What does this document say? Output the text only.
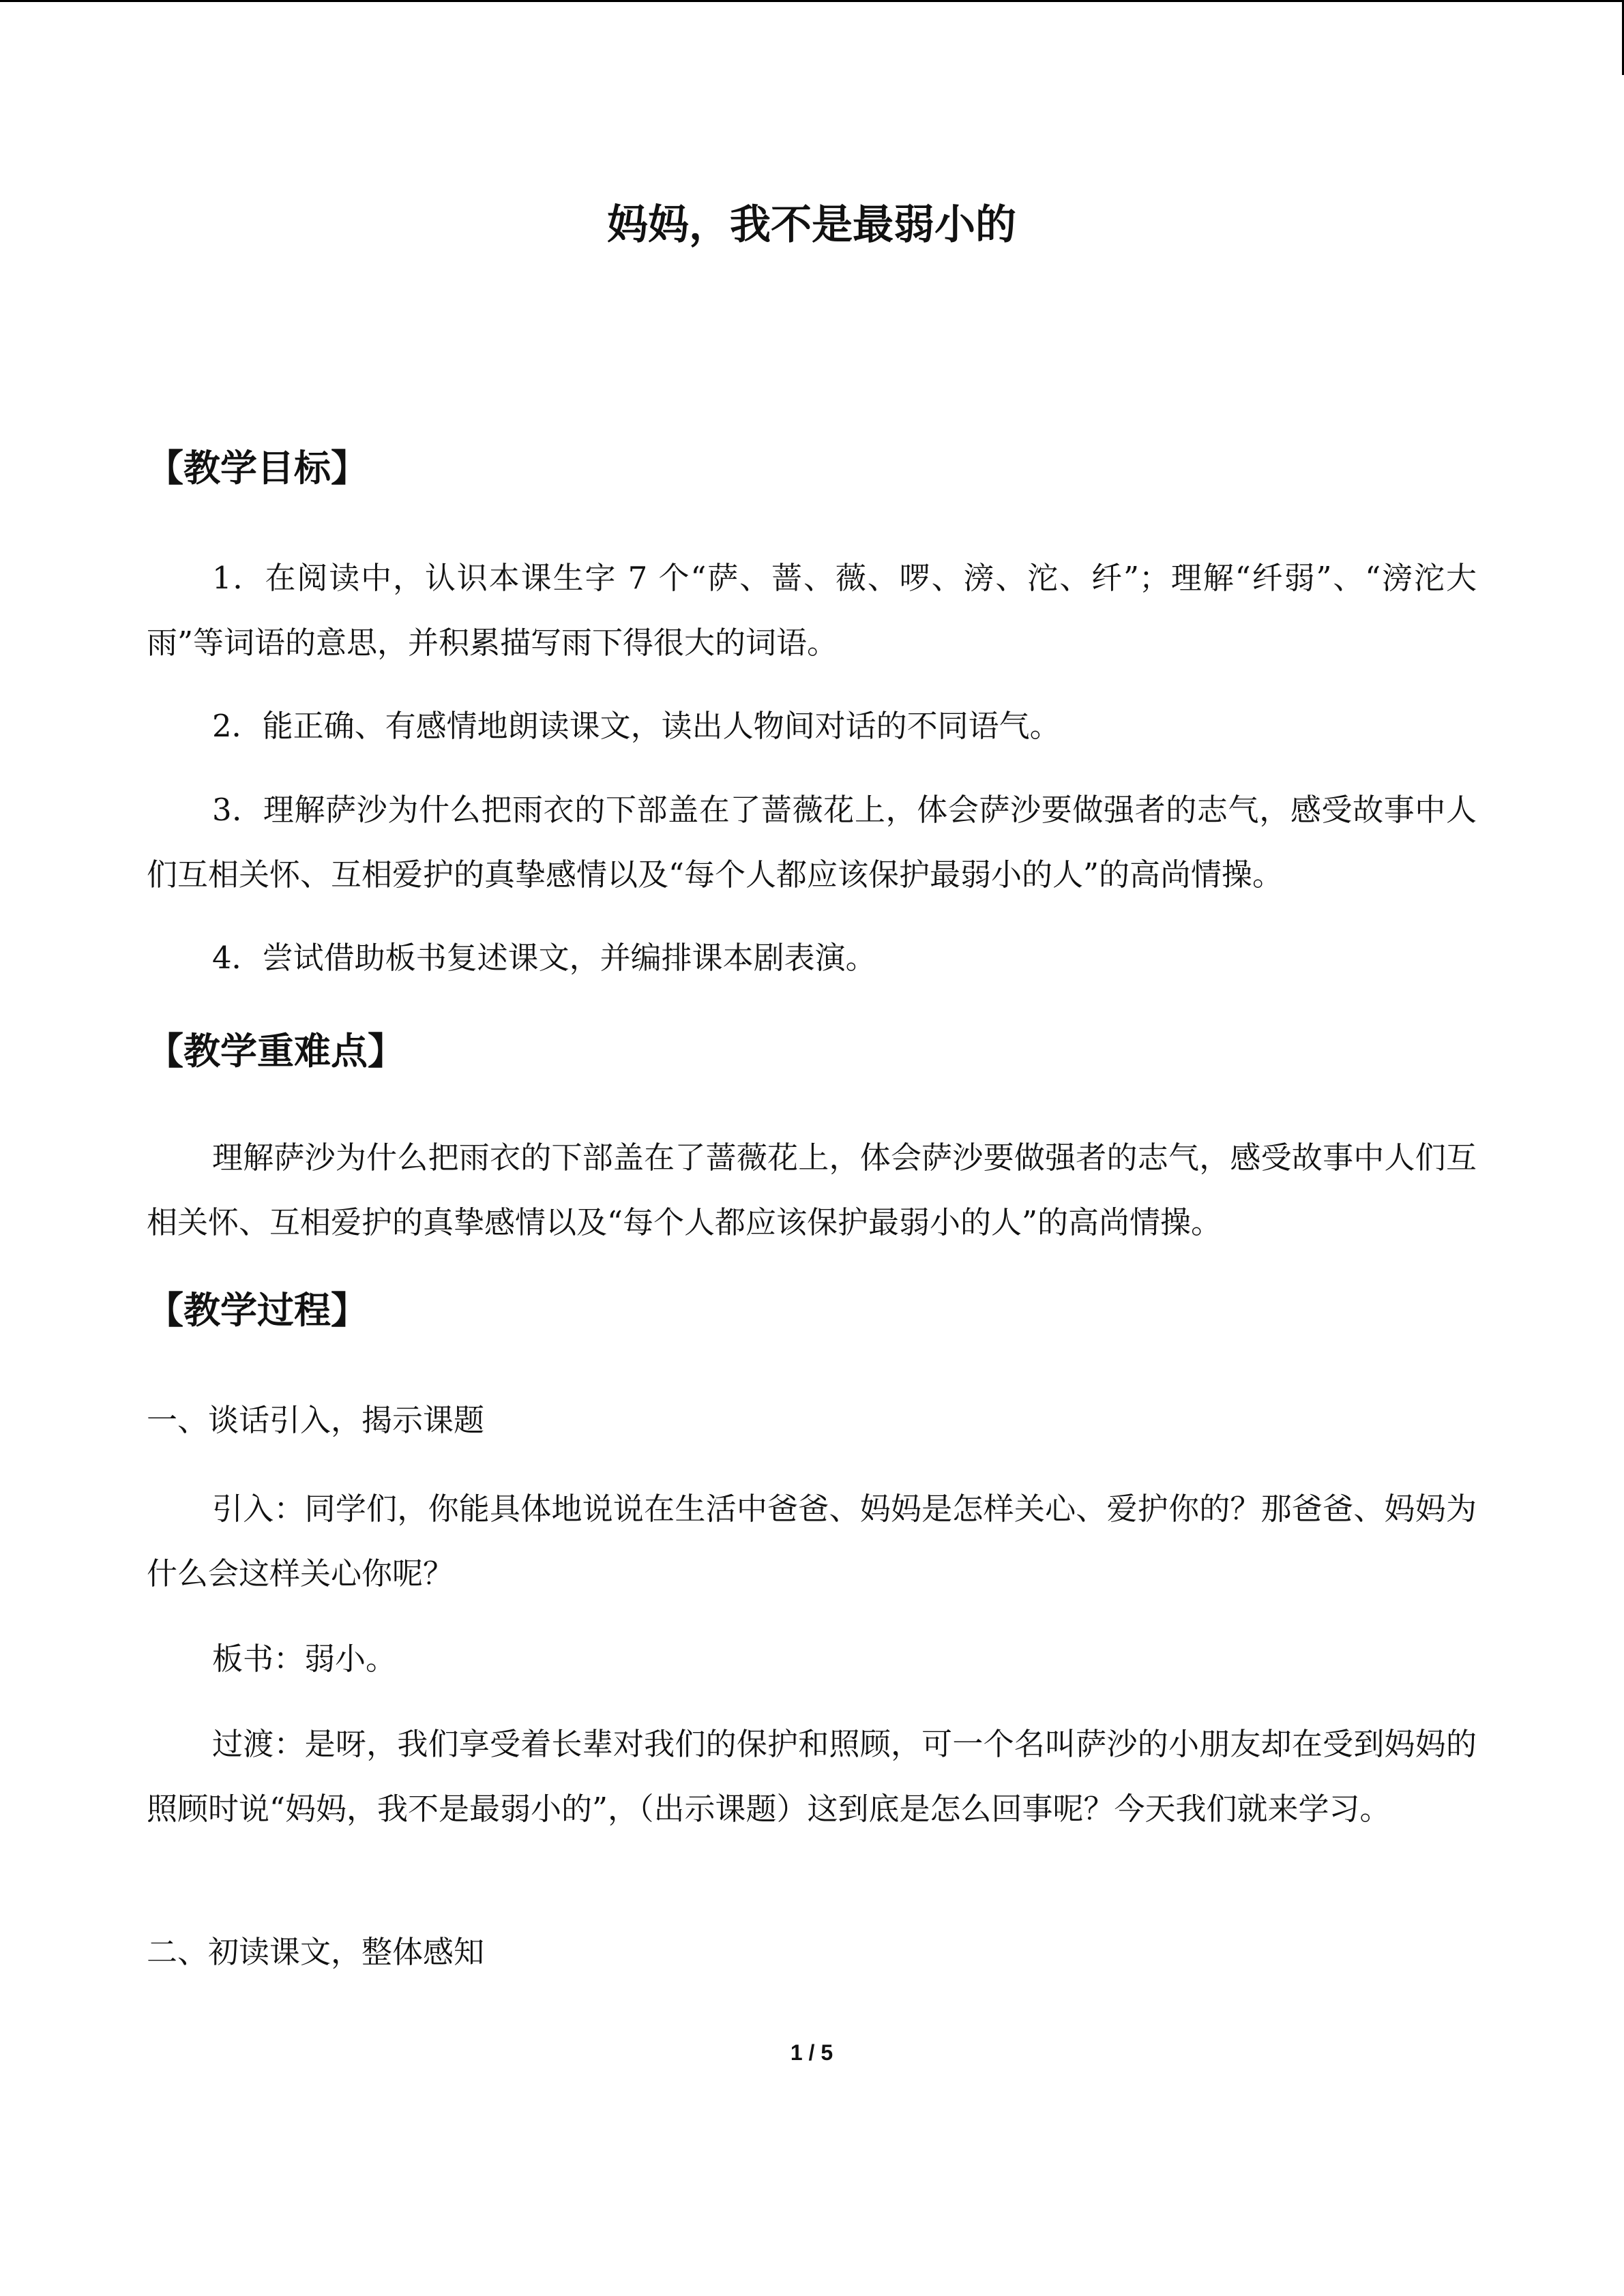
妈妈，我不是最弱小的
【教学目标】

1．在阅读中，认识本课生字 7 个“萨、蔷、薇、啰、滂、沱、纤”；理解“纤弱”、“滂沱大雨”等词语的意思，并积累描写雨下得很大的词语。

2．能正确、有感情地朗读课文，读出人物间对话的不同语气。

3．理解萨沙为什么把雨衣的下部盖在了蔷薇花上，体会萨沙要做强者的志气，感受故事中人们互相关怀、互相爱护的真挚感情以及“每个人都应该保护最弱小的人”的高尚情操。

4．尝试借助板书复述课文，并编排课本剧表演。

【教学重难点】

理解萨沙为什么把雨衣的下部盖在了蔷薇花上，体会萨沙要做强者的志气，感受故事中人们互相关怀、互相爱护的真挚感情以及“每个人都应该保护最弱小的人”的高尚情操。

【教学过程】

一、谈话引入，揭示课题

引入：同学们，你能具体地说说在生活中爸爸、妈妈是怎样关心、爱护你的？那爸爸、妈妈为什么会这样关心你呢？

板书：弱小。

过渡：是呀，我们享受着长辈对我们的保护和照顾，可一个名叫萨沙的小朋友却在受到妈妈的照顾时说“妈妈，我不是最弱小的”，（出示课题）这到底是怎么回事呢？今天我们就来学习。

二、初读课文，整体感知

1 / 5
